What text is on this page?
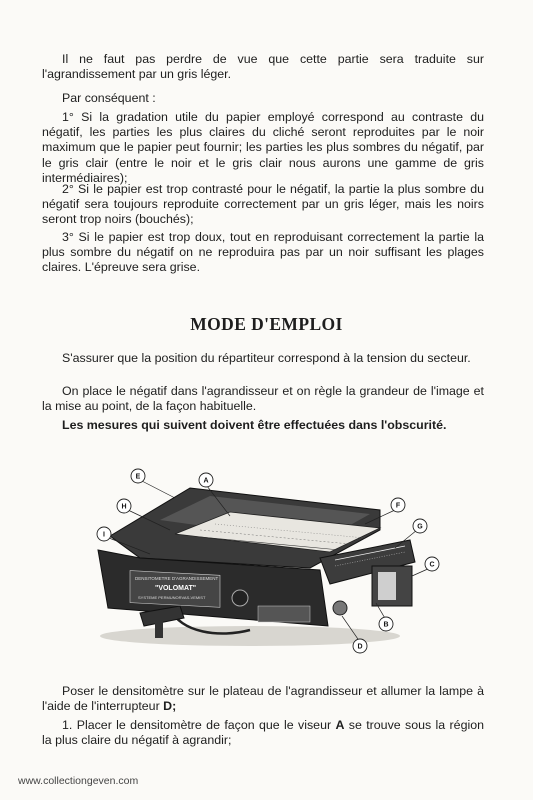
Il ne faut pas perdre de vue que cette partie sera traduite sur l'agrandissement par un gris léger.

Par conséquent :

1° Si la gradation utile du papier employé correspond au contraste du négatif, les parties les plus claires du cliché seront reproduites par le noir maximum que le papier peut fournir; les parties les plus sombres du négatif, par le gris clair (entre le noir et le gris clair nous aurons une gamme de gris intermédiaires);

2° Si le papier est trop contrasté pour le négatif, la partie la plus sombre du négatif sera toujours reproduite correctement par un gris léger, mais les noirs seront trop noirs (bouchés);

3° Si le papier est trop doux, tout en reproduisant correctement la partie la plus sombre du négatif on ne reproduira pas par un noir suffisant les plages claires. L'épreuve sera grise.

MODE D'EMPLOI

S'assurer que la position du répartiteur correspond à la tension du secteur.

On place le négatif dans l'agrandisseur et on règle la grandeur de l'image et la mise au point, de la façon habituelle.

Les mesures qui suivent doivent être effectuées dans l'obscurité.

DENSITOMETRE D'AGRANDISSEMENT
"VOLOMAT"
SYSTEME PERMUNORVAS-VEMIST
E
A
H	F
I
G
C
B
D

Poser le densitomètre sur le plateau de l'agrandisseur et allumer la lampe à l'aide de l'interrupteur D;

1. Placer le densitomètre de façon que le viseur A se trouve sous la région la plus claire du négatif à agrandir;

www.collectiongeven.com
